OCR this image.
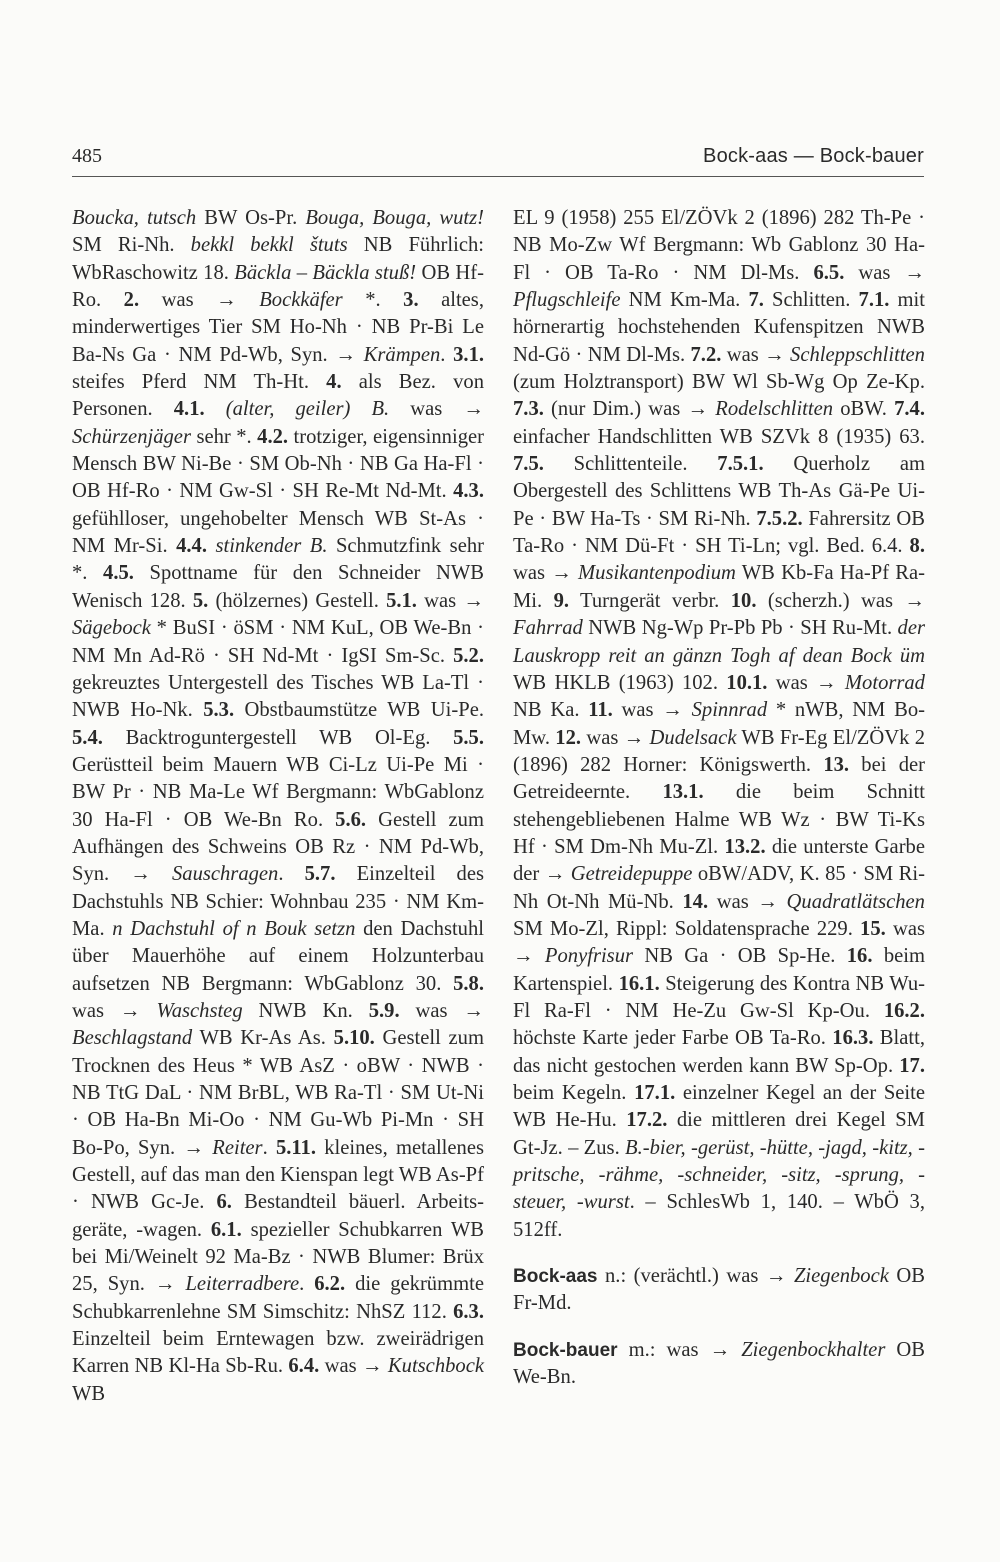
485	Bock-aas — Bock-bauer

Boucka, tutsch BW Os-Pr. Bouga, Bouga, wutz! SM Ri-Nh. bekkl bekkl štuts NB Führlich: WbRaschowitz 18. Bäckla – Bäckla stuß! OB Hf-Ro. 2. was → Bockkäfer *. 3. altes, minderwertiges Tier SM Ho-Nh · NB Pr-Bi Le Ba-Ns Ga · NM Pd-Wb, Syn. → Krämpen. 3.1. steifes Pferd NM Th-Ht. 4. als Bez. von Personen. 4.1. (alter, geiler) B. was → Schürzenjäger sehr *. 4.2. trotziger, eigensinniger Mensch BW Ni-Be · SM Ob-Nh · NB Ga Ha-Fl · OB Hf-Ro · NM Gw-Sl · SH Re-Mt Nd-Mt. 4.3. gefühlloser, ungehobelter Mensch WB St-As · NM Mr-Si. 4.4. stinkender B. Schmutzfink sehr *. 4.5. Spottname für den Schneider NWB Wenisch 128. 5. (hölzernes) Gestell. 5.1. was → Sägebock * BuSI · öSM · NM KuL, OB We-Bn · NM Mn Ad-Rö · SH Nd-Mt · IgSI Sm-Sc. 5.2. gekreuztes Untergestell des Tisches WB La-Tl · NWB Ho-Nk. 5.3. Obstbaumstütze WB Ui-Pe. 5.4. Backtroguntergestell WB Ol-Eg. 5.5. Gerüstteil beim Mauern WB Ci-Lz Ui-Pe Mi · BW Pr · NB Ma-Le Wf Bergmann: WbGablonz 30 Ha-Fl · OB We-Bn Ro. 5.6. Gestell zum Aufhängen des Schweins OB Rz · NM Pd-Wb, Syn. → Sauschragen. 5.7. Einzelteil des Dachstuhls NB Schier: Wohnbau 235 · NM Km-Ma. n Dachstuhl of n Bouk setzn den Dachstuhl über Mauerhöhe auf einem Holzunterbau aufsetzen NB Bergmann: WbGablonz 30. 5.8. was → Waschsteg NWB Kn. 5.9. was → Beschlagstand WB Kr-As As. 5.10. Gestell zum Trocknen des Heus * WB AsZ · oBW · NWB · NB TtG DaL · NM BrBL, WB Ra-Tl · SM Ut-Ni · OB Ha-Bn Mi-Oo · NM Gu-Wb Pi-Mn · SH Bo-Po, Syn. → Reiter. 5.11. kleines, metallenes Gestell, auf das man den Kienspan legt WB As-Pf · NWB Gc-Je. 6. Bestandteil bäuerl. Arbeitsgeräte, -wagen. 6.1. spezieller Schubkarren WB bei Mi/Weinelt 92 Ma-Bz · NWB Blumer: Brüx 25, Syn. → Leiterradbere. 6.2. die gekrümmte Schubkarrenlehne SM Simschitz: NhSZ 112. 6.3. Einzelteil beim Erntewagen bzw. zweirädrigen Karren NB Kl-Ha Sb-Ru. 6.4. was → Kutschbock WB

EL 9 (1958) 255 El/ZÖVk 2 (1896) 282 Th-Pe · NB Mo-Zw Wf Bergmann: Wb Gablonz 30 Ha-Fl · OB Ta-Ro · NM Dl-Ms. 6.5. was → Pflugschleife NM Km-Ma. 7. Schlitten. 7.1. mit hörnerartig hochstehenden Kufenspitzen NWB Nd-Gö · NM Dl-Ms. 7.2. was → Schleppschlitten (zum Holztransport) BW Wl Sb-Wg Op Ze-Kp. 7.3. (nur Dim.) was → Rodelschlitten oBW. 7.4. einfacher Handschlitten WB SZVk 8 (1935) 63. 7.5. Schlittenteile. 7.5.1. Querholz am Obergestell des Schlittens WB Th-As Gä-Pe Ui-Pe · BW Ha-Ts · SM Ri-Nh. 7.5.2. Fahrersitz OB Ta-Ro · NM Dü-Ft · SH Ti-Ln; vgl. Bed. 6.4. 8. was → Musikantenpodium WB Kb-Fa Ha-Pf Ra-Mi. 9. Turngerät verbr. 10. (scherzh.) was → Fahrrad NWB Ng-Wp Pr-Pb Pb · SH Ru-Mt. der Lauskropp reit an gänzn Togh af dean Bock üm WB HKLB (1963) 102. 10.1. was → Motorrad NB Ka. 11. was → Spinnrad * nWB, NM Bo-Mw. 12. was → Dudelsack WB Fr-Eg El/ZÖVk 2 (1896) 282 Horner: Königswerth. 13. bei der Getreideernte. 13.1. die beim Schnitt stehengebliebenen Halme WB Wz · BW Ti-Ks Hf · SM Dm-Nh Mu-Zl. 13.2. die unterste Garbe der → Getreidepuppe oBW/ADV, K. 85 · SM Ri-Nh Ot-Nh Mü-Nb. 14. was → Quadratlätschen SM Mo-Zl, Rippl: Soldatensprache 229. 15. was → Ponyfrisur NB Ga · OB Sp-He. 16. beim Kartenspiel. 16.1. Steigerung des Kontra NB Wu-Fl Ra-Fl · NM He-Zu Gw-Sl Kp-Ou. 16.2. höchste Karte jeder Farbe OB Ta-Ro. 16.3. Blatt, das nicht gestochen werden kann BW Sp-Op. 17. beim Kegeln. 17.1. einzelner Kegel an der Seite WB He-Hu. 17.2. die mittleren drei Kegel SM Gt-Jz. – Zus. B.-bier, -gerüst, -hütte, -jagd, -kitz, -pritsche, -rähme, -schneider, -sitz, -sprung, -steuer, -wurst. – SchlesWb 1, 140. – WbÖ 3, 512ff.

Bock-aas n.: (verächtl.) was → Ziegenbock OB Fr-Md.

Bock-bauer m.: was → Ziegenbockhalter OB We-Bn.
